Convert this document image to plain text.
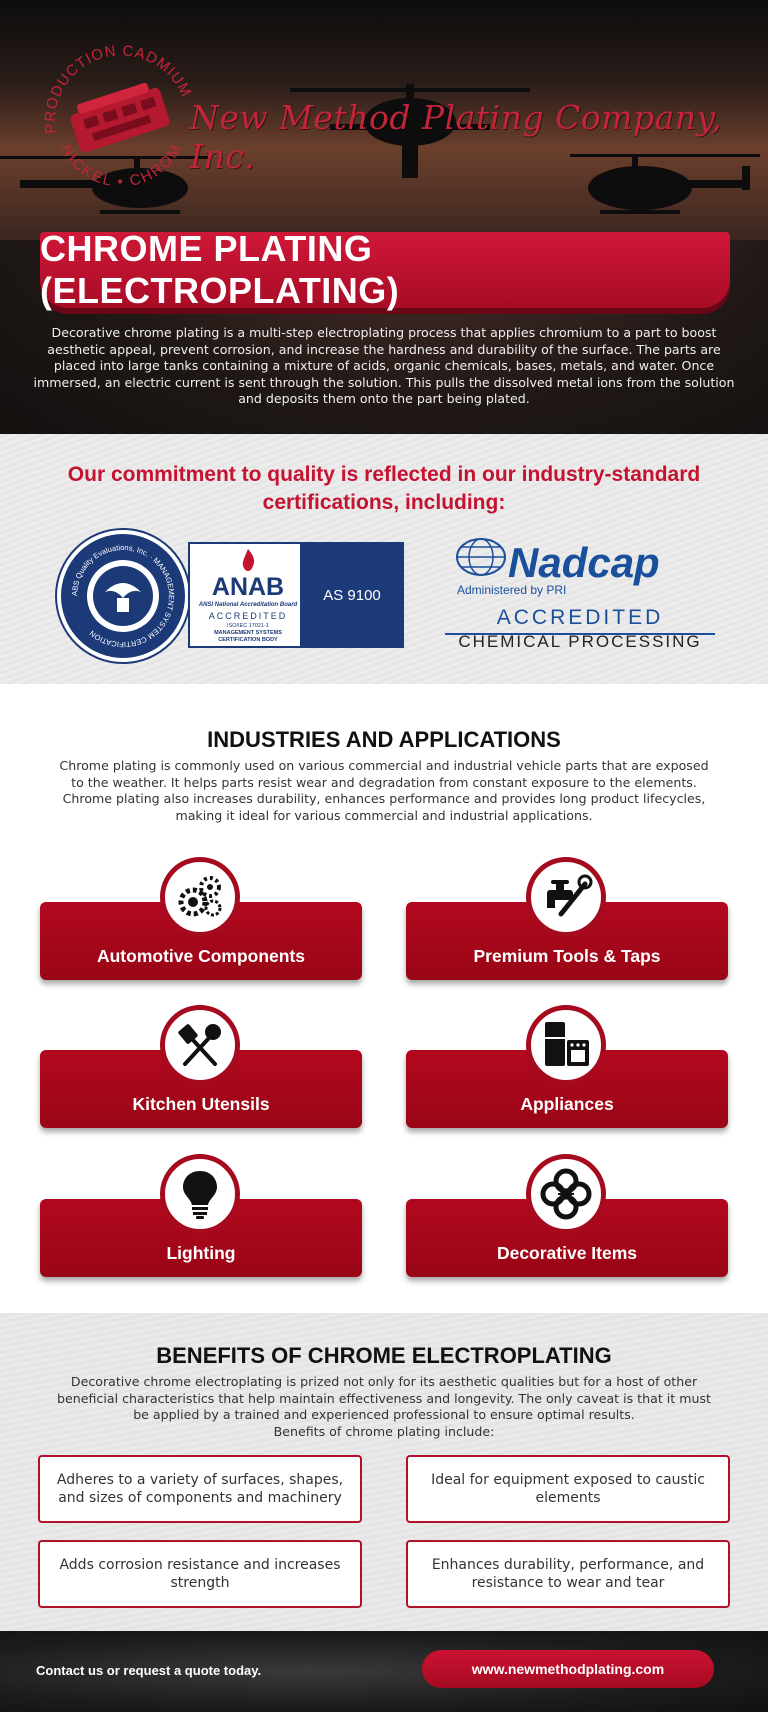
PRODUCTION CADMIUM
NICKEL • CHROM
New Method Plating Company, Inc.
CHROME PLATING (ELECTROPLATING)

Decorative chrome plating is a multi-step electroplating process that applies chromium to a part to boost aesthetic appeal, prevent corrosion, and increase the hardness and durability of the surface. The parts are placed into large tanks containing a mixture of acids, organic chemicals, bases, metals, and water. Once immersed, an electric current is sent through the solution. This pulls the dissolved metal ions from the solution and deposits them onto the part being plated.

Our commitment to quality is reflected in our industry-standard certifications, including:
ABS Quality Evaluations, Inc. · MANAGEMENT SYSTEM CERTIFICATION
ANAB
ANSI National Accreditation Board
ACCREDITED
ISO/IEC 17021-1
MANAGEMENT SYSTEMS CERTIFICATION BODY
AS 9100
Nadcap
Administered by PRI
ACCREDITED
CHEMICAL PROCESSING
INDUSTRIES AND APPLICATIONS

Chrome plating is commonly used on various commercial and industrial vehicle parts that are exposed to the weather. It helps parts resist wear and degradation from constant exposure to the elements. Chrome plating also increases durability, enhances performance and provides long product lifecycles, making it ideal for various commercial and industrial applications.

Automotive Components	Premium Tools & Taps
Kitchen Utensils	Appliances
Lighting	Decorative Items
BENEFITS OF CHROME ELECTROPLATING

Decorative chrome electroplating is prized not only for its aesthetic qualities but for a host of other beneficial characteristics that help maintain effectiveness and longevity. The only caveat is that it must be applied by a trained and experienced professional to ensure optimal results.

Benefits of chrome plating include:

Adheres to a variety of surfaces, shapes, and sizes of components and machinery
Ideal for equipment exposed to caustic elements
Adds corrosion resistance and increases strength
Enhances durability, performance, and resistance to wear and tear
Contact us or request a quote today.	www.newmethodplating.com
